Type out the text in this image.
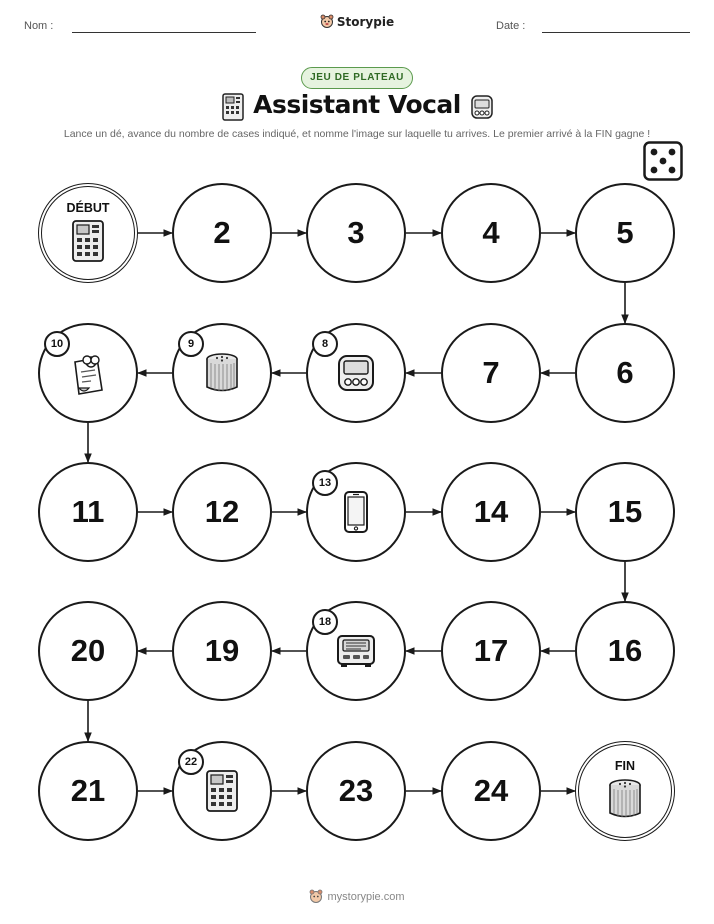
Nom :	Storypie	Date :
JEU DE PLATEAU
Assistant Vocal
Lance un dé, avance du nombre de cases indiqué, et nomme l'image sur laquelle tu arrives. Le premier arrivé à la FIN gagne !
DÉBUT
2	3	4	5
6
7
8
9
10
11	12
13
14	15
16
17
18
19
20
21
22
23	24
FIN
mystorypie.com
